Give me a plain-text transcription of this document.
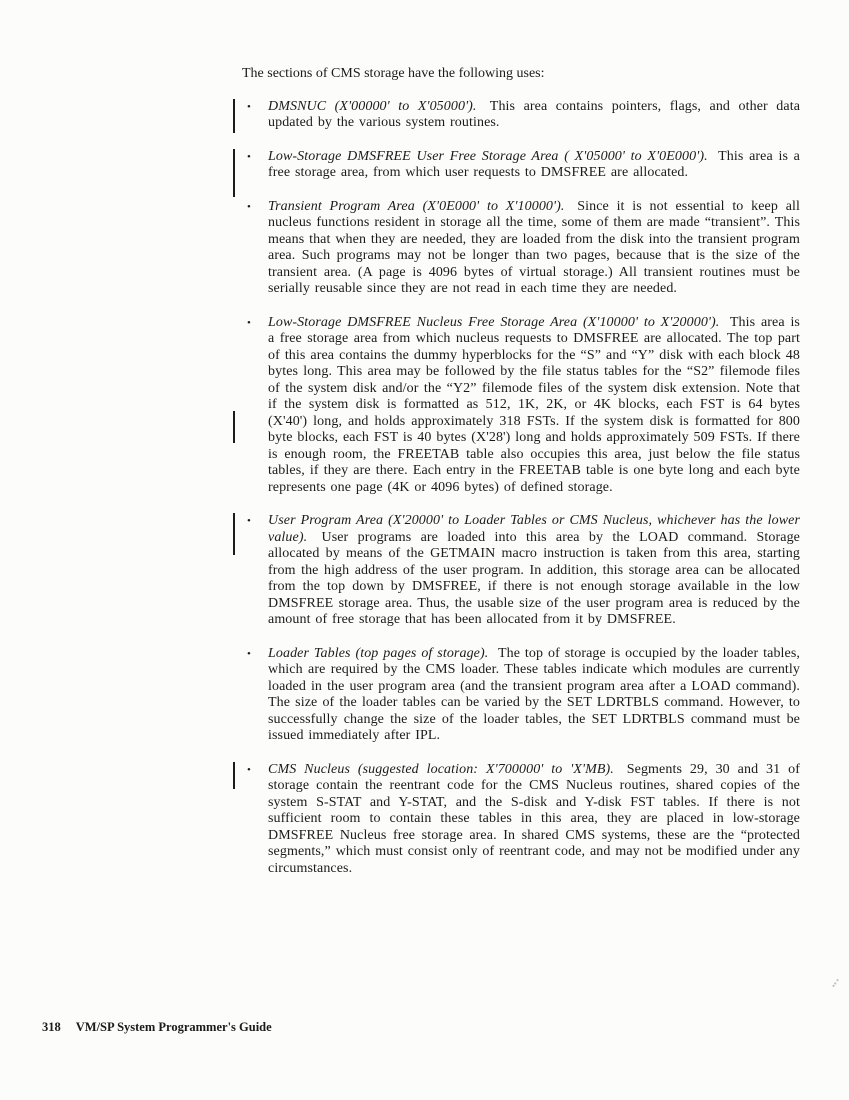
The sections of CMS storage have the following uses:

• DMSNUC (X'00000' to X'05000'). This area contains pointers, flags, and other data updated by the various system routines.
• Low-Storage DMSFREE User Free Storage Area ( X'05000' to X'0E000'). This area is a free storage area, from which user requests to DMSFREE are allocated.
• Transient Program Area (X'0E000' to X'10000'). Since it is not essential to keep all nucleus functions resident in storage all the time, some of them are made “transient”. This means that when they are needed, they are loaded from the disk into the transient program area. Such programs may not be longer than two pages, because that is the size of the transient area. (A page is 4096 bytes of virtual storage.) All transient routines must be serially reusable since they are not read in each time they are needed.
• Low-Storage DMSFREE Nucleus Free Storage Area (X'10000' to X'20000'). This area is a free storage area from which nucleus requests to DMSFREE are allocated. The top part of this area contains the dummy hyperblocks for the “S” and “Y” disk with each block 48 bytes long. This area may be followed by the file status tables for the “S2” filemode files of the system disk and/or the “Y2” filemode files of the system disk extension. Note that if the system disk is formatted as 512, 1K, 2K, or 4K blocks, each FST is 64 bytes (X'40') long, and holds approximately 318 FSTs. If the system disk is formatted for 800 byte blocks, each FST is 40 bytes (X'28') long and holds approximately 509 FSTs. If there is enough room, the FREETAB table also occupies this area, just below the file status tables, if they are there. Each entry in the FREETAB table is one byte long and each byte represents one page (4K or 4096 bytes) of defined storage.
• User Program Area (X'20000' to Loader Tables or CMS Nucleus, whichever has the lower value). User programs are loaded into this area by the LOAD command. Storage allocated by means of the GETMAIN macro instruction is taken from this area, starting from the high address of the user program. In addition, this storage area can be allocated from the top down by DMSFREE, if there is not enough storage available in the low DMSFREE storage area. Thus, the usable size of the user program area is reduced by the amount of free storage that has been allocated from it by DMSFREE.
• Loader Tables (top pages of storage). The top of storage is occupied by the loader tables, which are required by the CMS loader. These tables indicate which modules are currently loaded in the user program area (and the transient program area after a LOAD command). The size of the loader tables can be varied by the SET LDRTBLS command. However, to successfully change the size of the loader tables, the SET LDRTBLS command must be issued immediately after IPL.
• CMS Nucleus (suggested location: X'700000' to 'X'MB). Segments 29, 30 and 31 of storage contain the reentrant code for the CMS Nucleus routines, shared copies of the system S-STAT and Y-STAT, and the S-disk and Y-disk FST tables. If there is not sufficient room to contain these tables in this area, they are placed in low-storage DMSFREE Nucleus free storage area. In shared CMS systems, these are the “protected segments,” which must consist only of reentrant code, and may not be modified under any circumstances.
318 VM/SP System Programmer's Guide
